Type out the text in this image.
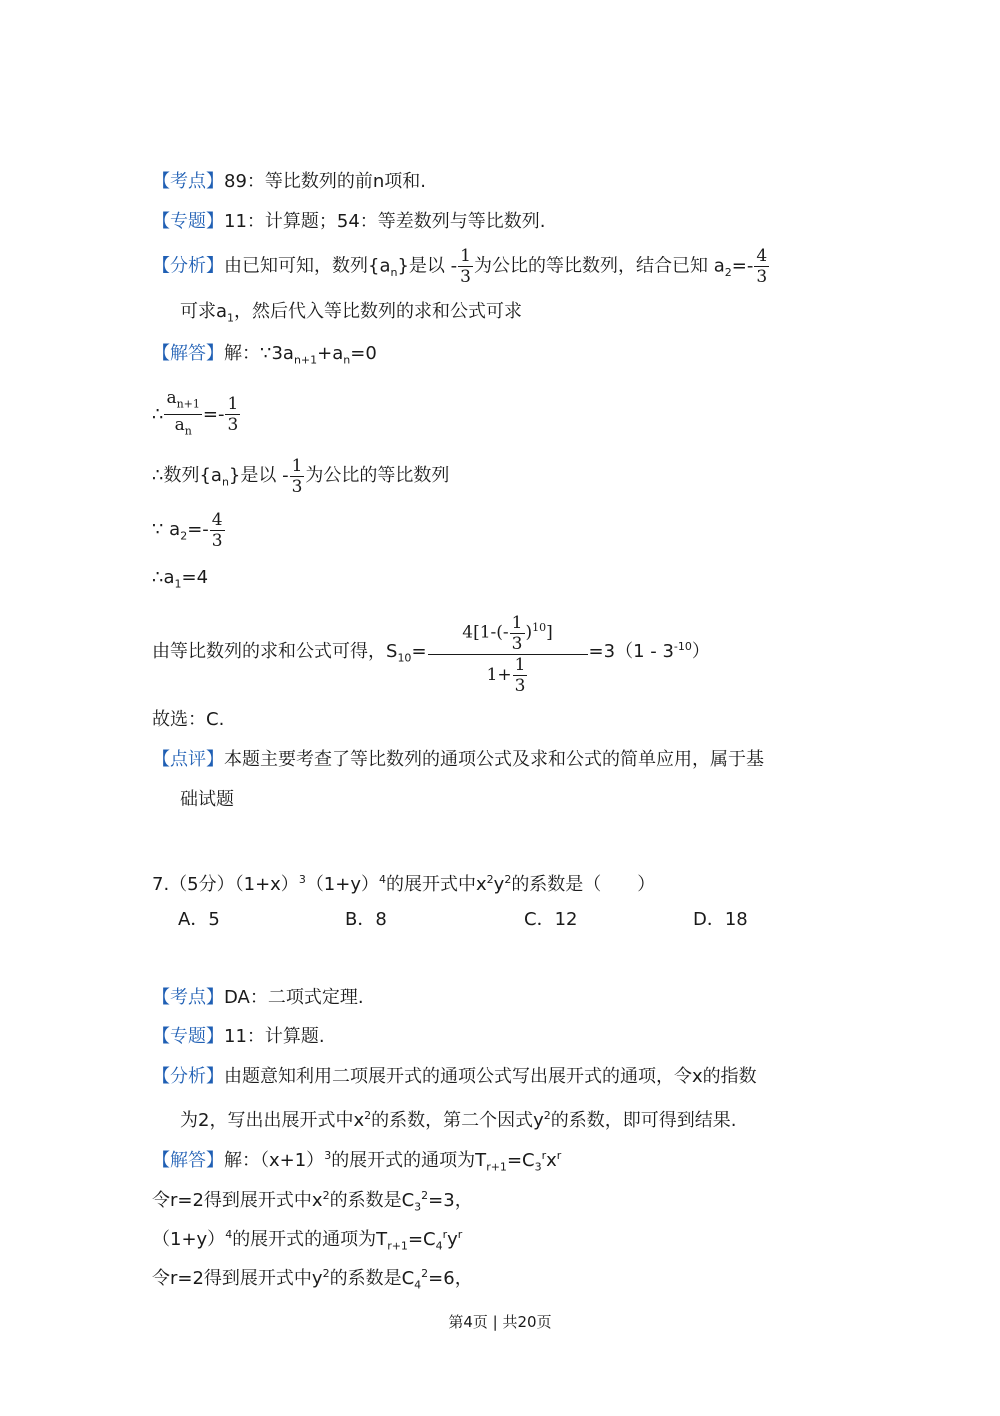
【考点】89：等比数列的前n项和.
【专题】11：计算题；54：等差数列与等比数列.
【分析】由已知可知，数列$\{a_n\}$是以 - $\frac{1}{3}$ 为公比的等比数列，结合已知 $a_2=- \frac{4}{3}$
可求$a_1$，然后代入等比数列的求和公式可求
【解答】解：$\because 3a_{n+1}+a_n=0$
∴ $\frac{a_{n+1}}{a_n} =- \frac{1}{3}$
∴数列$\{a_n\}$是以 - $\frac{1}{3}$ 为公比的等比数列
∵ $a_2=- \frac{4}{3}$
$\therefore a_1=4$
由等比数列的求和公式可得，$S_{10}= \frac{4[1-(- \frac{1}{3} )^{10}]}{1+ \frac{1}{3}} =3(1 - 3^{-10})$
故选：C.
【点评】本题主要考查了等比数列的通项公式及求和公式的简单应用，属于基
础试题
7.（5分）$(1+x)^3(1+y)^4$的展开式中$x^2y^2$的系数是（　　）
A．5	B．8	C．12	D．18
【考点】DA：二项式定理.
【专题】11：计算题.
【分析】由题意知利用二项展开式的通项公式写出展开式的通项，令x的指数
为2，写出出展开式中$x^2$的系数，第二个因式$y^2$的系数，即可得到结果.
【解答】解：$(x+1)^3$的展开式的通项为$T_{r+1}=C_3^rx^r$
令r=2得到展开式中$x^2$的系数是$C_3^2=3$，
$(1+y)^4$的展开式的通项为$T_{r+1}=C_4^ry^r$
令r=2得到展开式中$y^2$的系数是$C_4^2=6$，
第4页 | 共20页
